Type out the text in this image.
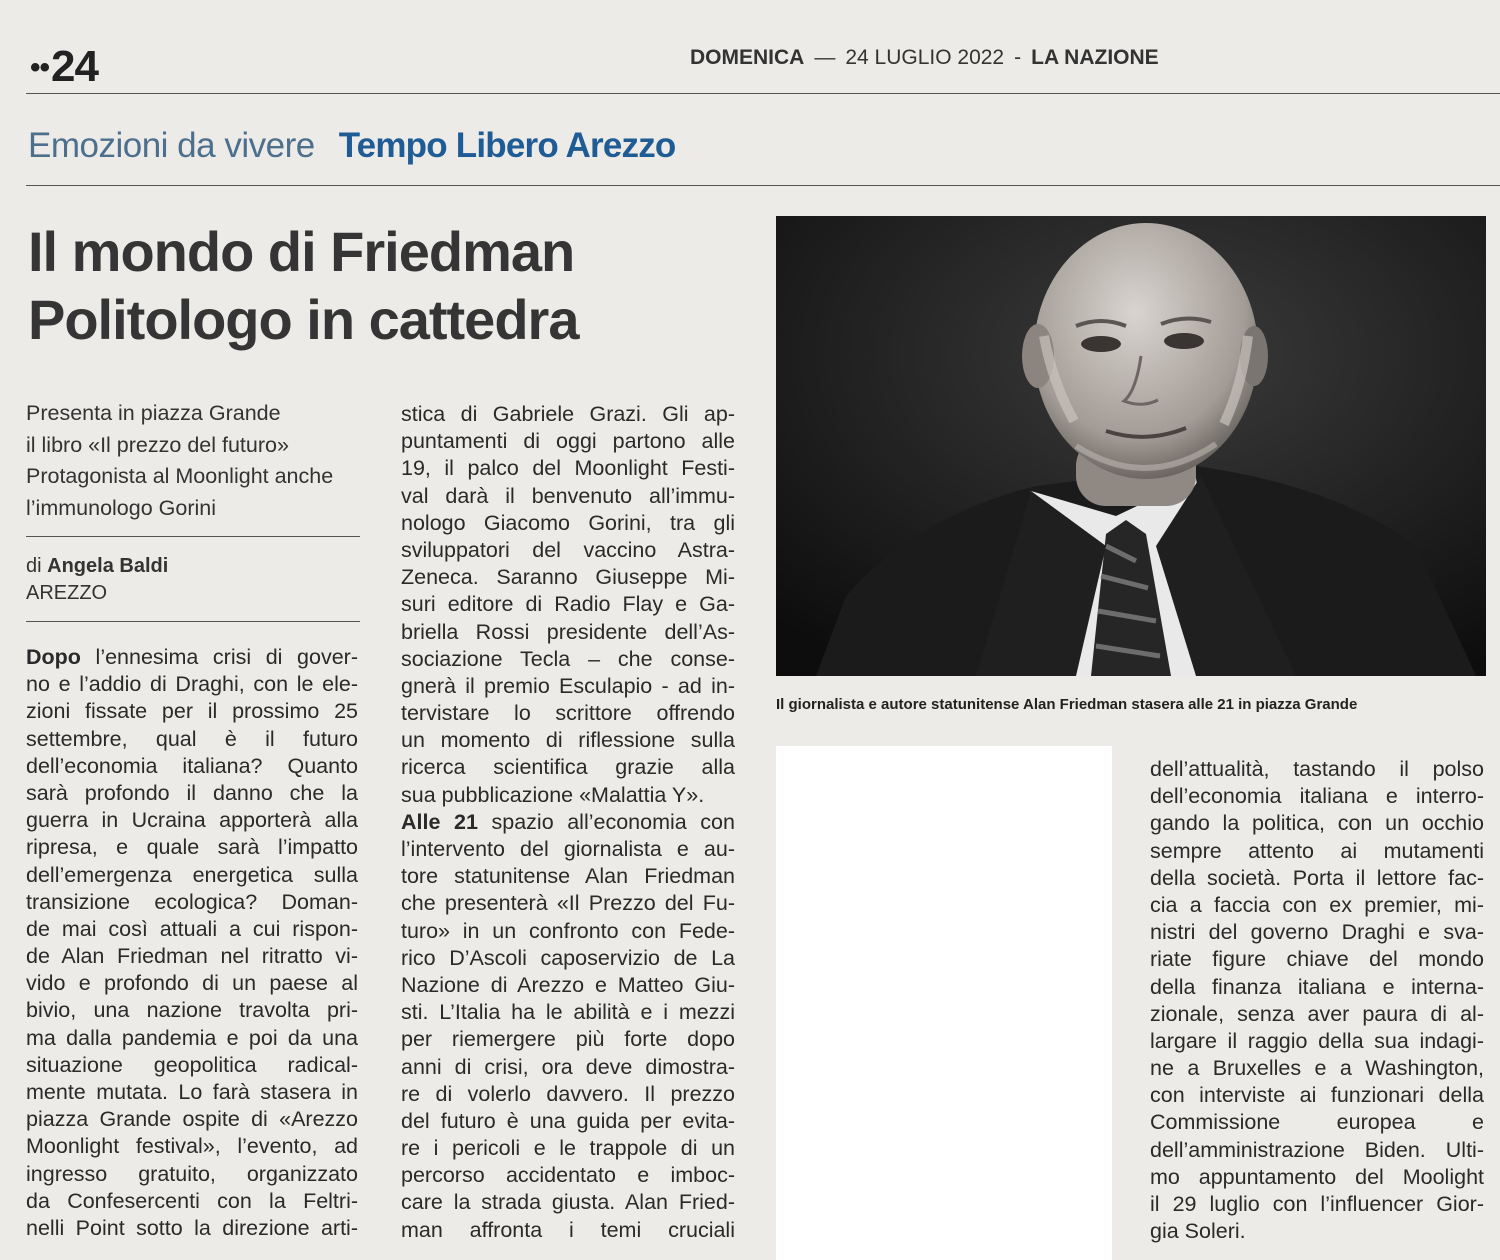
••24	DOMENICA — 24 LUGLIO 2022 - LA NAZIONE
Emozioni da vivere Tempo Libero Arezzo
Il mondo di Friedman
Politologo in cattedra
Il giornalista e autore statunitense Alan Friedman stasera alle 21 in piazza Grande
Presenta in piazza Grande
il libro «Il prezzo del futuro»
Protagonista al Moonlight anche
l’immunologo Gorini
di Angela Baldi
AREZZO
Dopo l’ennesima crisi di gover-
no e l’addio di Draghi, con le ele-
zioni fissate per il prossimo 25
settembre, qual è il futuro
dell’economia italiana? Quanto
sarà profondo il danno che la
guerra in Ucraina apporterà alla
ripresa, e quale sarà l’impatto
dell’emergenza energetica sulla
transizione ecologica? Doman-
de mai così attuali a cui rispon-
de Alan Friedman nel ritratto vi-
vido e profondo di un paese al
bivio, una nazione travolta pri-
ma dalla pandemia e poi da una
situazione geopolitica radical-
mente mutata. Lo farà stasera in
piazza Grande ospite di «Arezzo
Moonlight festival», l’evento, ad
ingresso gratuito, organizzato
da Confesercenti con la Feltri-
nelli Point sotto la direzione arti-
stica di Gabriele Grazi. Gli ap-
puntamenti di oggi partono alle
19, il palco del Moonlight Festi-
val darà il benvenuto all’immu-
nologo Giacomo Gorini, tra gli
sviluppatori del vaccino Astra-
Zeneca. Saranno Giuseppe Mi-
suri editore di Radio Flay e Ga-
briella Rossi presidente dell’As-
sociazione Tecla – che conse-
gnerà il premio Esculapio - ad in-
tervistare lo scrittore offrendo
un momento di riflessione sulla
ricerca scientifica grazie alla
sua pubblicazione «Malattia Y».
Alle 21 spazio all’economia con
l’intervento del giornalista e au-
tore statunitense Alan Friedman
che presenterà «Il Prezzo del Fu-
turo» in un confronto con Fede-
rico D’Ascoli caposervizio de La
Nazione di Arezzo e Matteo Giu-
sti. L’Italia ha le abilità e i mezzi
per riemergere più forte dopo
anni di crisi, ora deve dimostra-
re di volerlo davvero. Il prezzo
del futuro è una guida per evita-
re i pericoli e le trappole di un
percorso accidentato e imboc-
care la strada giusta. Alan Fried-
man affronta i temi cruciali
dell’attualità, tastando il polso
dell’economia italiana e interro-
gando la politica, con un occhio
sempre attento ai mutamenti
della società. Porta il lettore fac-
cia a faccia con ex premier, mi-
nistri del governo Draghi e sva-
riate figure chiave del mondo
della finanza italiana e interna-
zionale, senza aver paura di al-
largare il raggio della sua indagi-
ne a Bruxelles e a Washington,
con interviste ai funzionari della
Commissione europea e
dell’amministrazione Biden. Ulti-
mo appuntamento del Moolight
il 29 luglio con l’influencer Gior-
gia Soleri.
